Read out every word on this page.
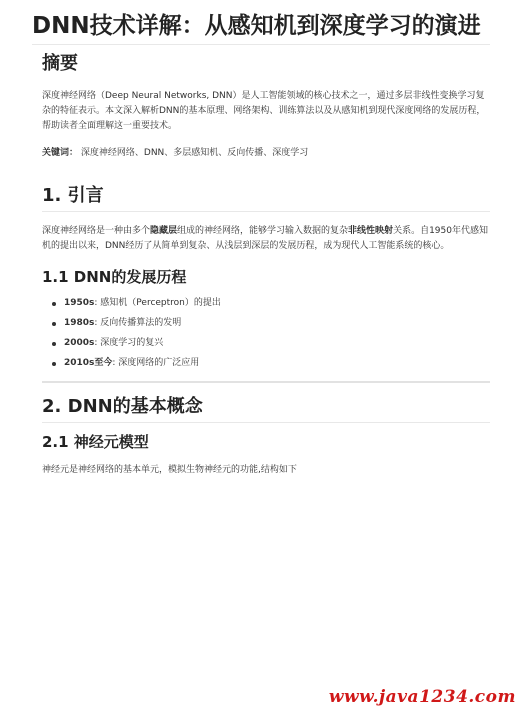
DNN技术详解：从感知机到深度学习的演进
摘要

深度神经网络（Deep Neural Networks, DNN）是人工智能领域的核心技术之一，通过多层非线性变换学习复杂的特征表示。本文深入解析DNN的基本原理、网络架构、训练算法以及从感知机到现代深度网络的发展历程，帮助读者全面理解这一重要技术。

关键词： 深度神经网络、DNN、多层感知机、反向传播、深度学习

1. 引言

深度神经网络是一种由多个隐藏层组成的神经网络，能够学习输入数据的复杂非线性映射关系。自1950年代感知机的提出以来，DNN经历了从简单到复杂、从浅层到深层的发展历程，成为现代人工智能系统的核心。

1.1 DNN的发展历程
1950s: 感知机（Perceptron）的提出
1980s: 反向传播算法的发明
2000s: 深度学习的复兴
2010s至今: 深度网络的广泛应用
2. DNN的基本概念
2.1 神经元模型

神经元是神经网络的基本单元，模拟生物神经元的功能,结构如下

www.java1234.com
